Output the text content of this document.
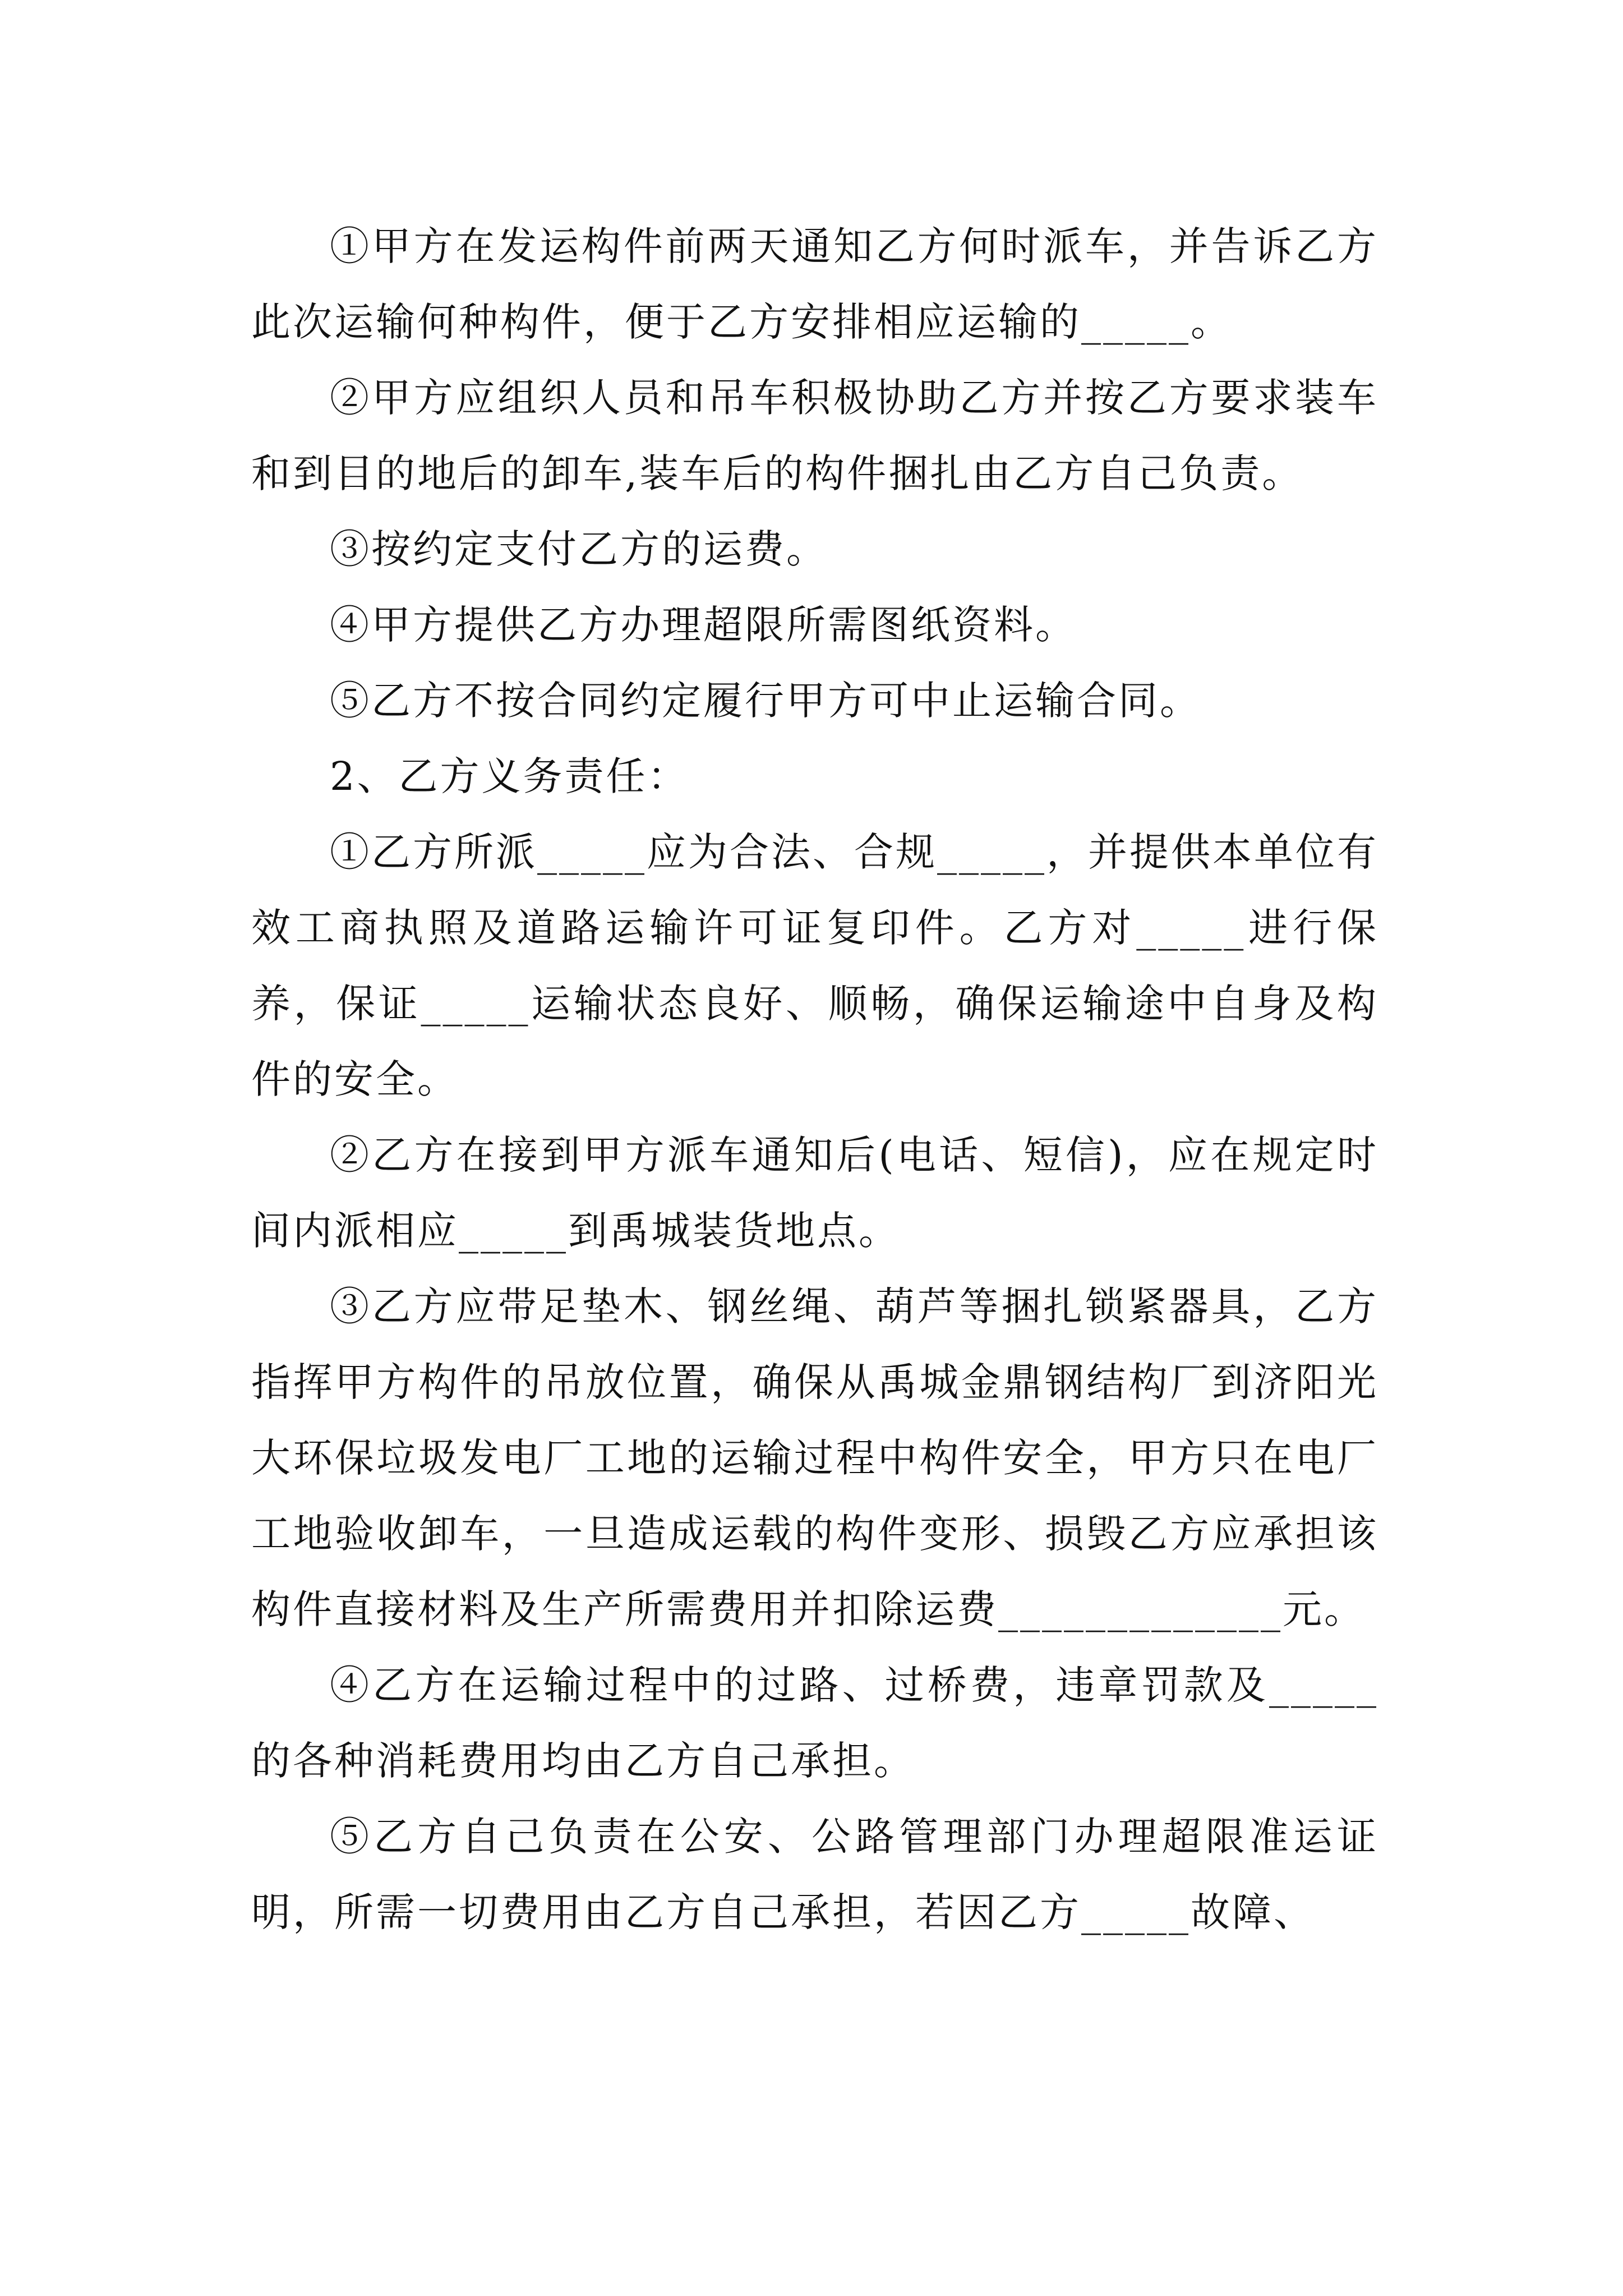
①甲方在发运构件前两天通知乙方何时派车，并告诉乙方此次运输何种构件，便于乙方安排相应运输的_____。

②甲方应组织人员和吊车积极协助乙方并按乙方要求装车和到目的地后的卸车,装车后的构件捆扎由乙方自己负责。

③按约定支付乙方的运费。

④甲方提供乙方办理超限所需图纸资料。

⑤乙方不按合同约定履行甲方可中止运输合同。

2、乙方义务责任：

①乙方所派_____应为合法、合规_____，并提供本单位有效工商执照及道路运输许可证复印件。乙方对_____进行保养，保证_____运输状态良好、顺畅，确保运输途中自身及构件的安全。

②乙方在接到甲方派车通知后(电话、短信)，应在规定时间内派相应_____到禹城装货地点。

③乙方应带足垫木、钢丝绳、葫芦等捆扎锁紧器具，乙方指挥甲方构件的吊放位置，确保从禹城金鼎钢结构厂到济阳光大环保垃圾发电厂工地的运输过程中构件安全，甲方只在电厂工地验收卸车，一旦造成运载的构件变形、损毁乙方应承担该构件直接材料及生产所需费用并扣除运费_____________元。

④乙方在运输过程中的过路、过桥费，违章罚款及_____的各种消耗费用均由乙方自己承担。

⑤乙方自己负责在公安、公路管理部门办理超限准运证明，所需一切费用由乙方自己承担，若因乙方_____故障、
